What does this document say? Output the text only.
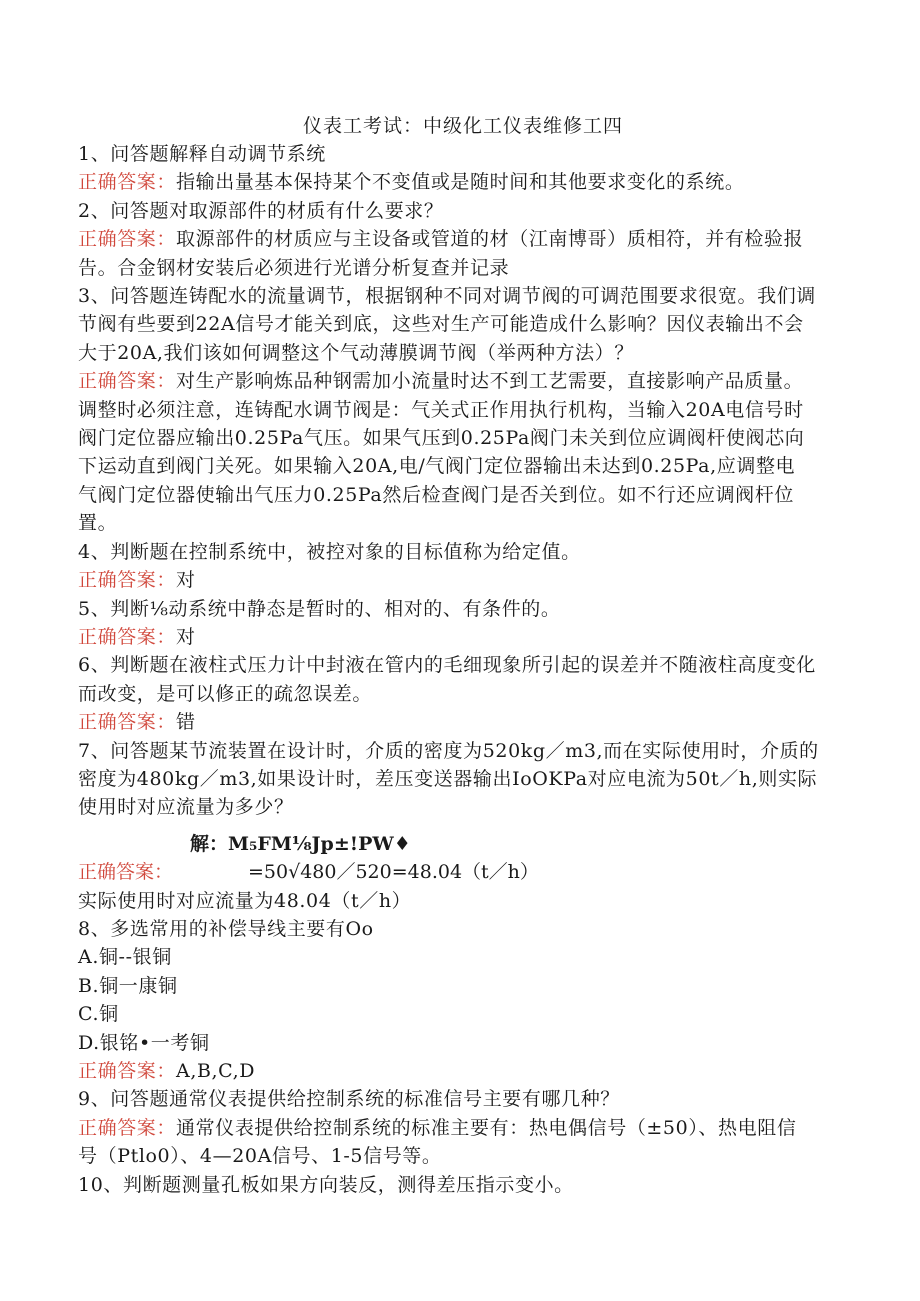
仪表工考试：中级化工仪表维修工四

1、问答题解释自动调节系统

正确答案：指输出量基本保持某个不变值或是随时间和其他要求变化的系统。

2、问答题对取源部件的材质有什么要求？

正确答案：取源部件的材质应与主设备或管道的材（江南博哥）质相符，并有检验报

告。合金钢材安装后必须进行光谱分析复查并记录

3、问答题连铸配水的流量调节，根据钢种不同对调节阀的可调范围要求很宽。我们调

节阀有些要到22A信号才能关到底，这些对生产可能造成什么影响？因仪表输出不会

大于20A,我们该如何调整这个气动薄膜调节阀（举两种方法）？

正确答案：对生产影响炼品种钢需加小流量时达不到工艺需要，直接影响产品质量。

调整时必须注意，连铸配水调节阀是：气关式正作用执行机构，当输入20A电信号时

阀门定位器应输出0.25Pa气压。如果气压到0.25Pa阀门未关到位应调阀杆使阀芯向

下运动直到阀门关死。如果输入20A,电/气阀门定位器输出未达到0.25Pa,应调整电

气阀门定位器使输出气压力0.25Pa然后检查阀门是否关到位。如不行还应调阀杆位

置。

4、判断题在控制系统中，被控对象的目标值称为给定值。

正确答案：对

5、判断⅛动系统中静态是暂时的、相对的、有条件的。

正确答案：对

6、判断题在液柱式压力计中封液在管内的毛细现象所引起的误差并不随液柱高度变化

而改变，是可以修正的疏忽误差。

正确答案：错

7、问答题某节流装置在设计时，介质的密度为520kg／m3,而在实际使用时，介质的

密度为480kg／m3,如果设计时，差压变送器输出IoOKPa对应电流为50t／h,则实际

使用时对应流量为多少？

解：M₅FM⅛Jp±!PW♦

正确答案：	=50√480／520=48.04（t／h）

实际使用时对应流量为48.04（t／h）

8、多选常用的补偿导线主要有Oo

A.铜--银铜

B.铜一康铜

C.铜

D.银铭•一考铜

正确答案：A,B,C,D

9、问答题通常仪表提供给控制系统的标准信号主要有哪几种？

正确答案：通常仪表提供给控制系统的标准主要有：热电偶信号（±50）、热电阻信

号（Ptlo0）、4—20A信号、1-5信号等。

10、判断题测量孔板如果方向装反，测得差压指示变小。
